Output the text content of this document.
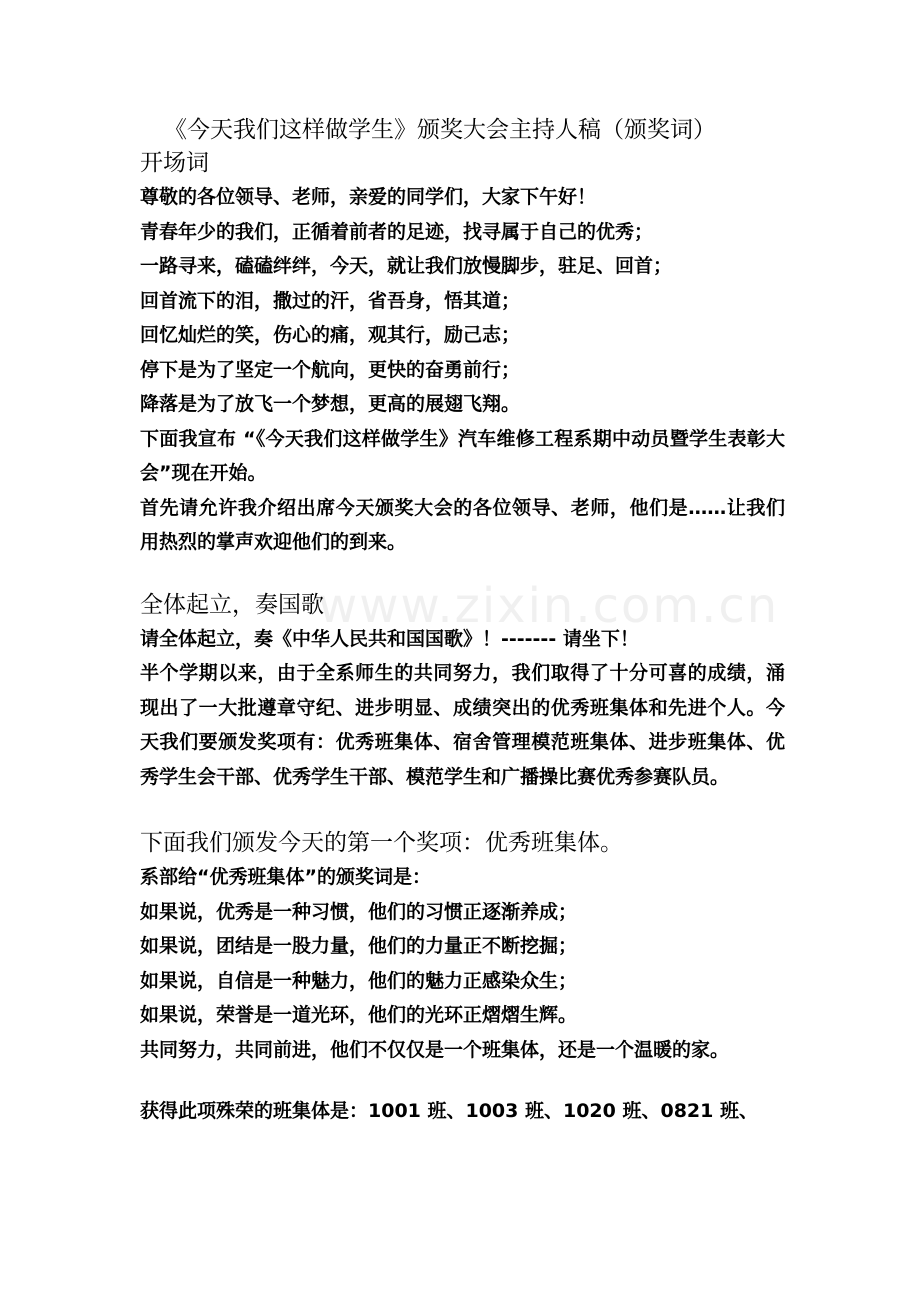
www.zixin.com.cn

《今天我们这样做学生》颁奖大会主持人稿（颁奖词）

开场词

尊敬的各位领导、老师，亲爱的同学们，大家下午好！

青春年少的我们，正循着前者的足迹，找寻属于自己的优秀；

一路寻来，磕磕绊绊，今天，就让我们放慢脚步，驻足、回首；

回首流下的泪，撒过的汗，省吾身，悟其道；

回忆灿烂的笑，伤心的痛，观其行，励己志；

停下是为了坚定一个航向，更快的奋勇前行；

降落是为了放飞一个梦想，更高的展翅飞翔。

下面我宣布 “《今天我们这样做学生》汽车维修工程系期中动员暨学生表彰大会”现在开始。

首先请允许我介绍出席今天颁奖大会的各位领导、老师，他们是……让我们用热烈的掌声欢迎他们的到来。

全体起立，奏国歌

请全体起立，奏《中华人民共和国国歌》！------- 请坐下！

半个学期以来，由于全系师生的共同努力，我们取得了十分可喜的成绩，涌现出了一大批遵章守纪、进步明显、成绩突出的优秀班集体和先进个人。今天我们要颁发奖项有：优秀班集体、宿舍管理模范班集体、进步班集体、优秀学生会干部、优秀学生干部、模范学生和广播操比赛优秀参赛队员。

下面我们颁发今天的第一个奖项：优秀班集体。

系部给“优秀班集体”的颁奖词是：

如果说，优秀是一种习惯，他们的习惯正逐渐养成；

如果说，团结是一股力量，他们的力量正不断挖掘；

如果说，自信是一种魅力，他们的魅力正感染众生；

如果说，荣誉是一道光环，他们的光环正熠熠生辉。

共同努力，共同前进，他们不仅仅是一个班集体，还是一个温暖的家。

获得此项殊荣的班集体是：1001 班、1003 班、1020 班、0821 班、
